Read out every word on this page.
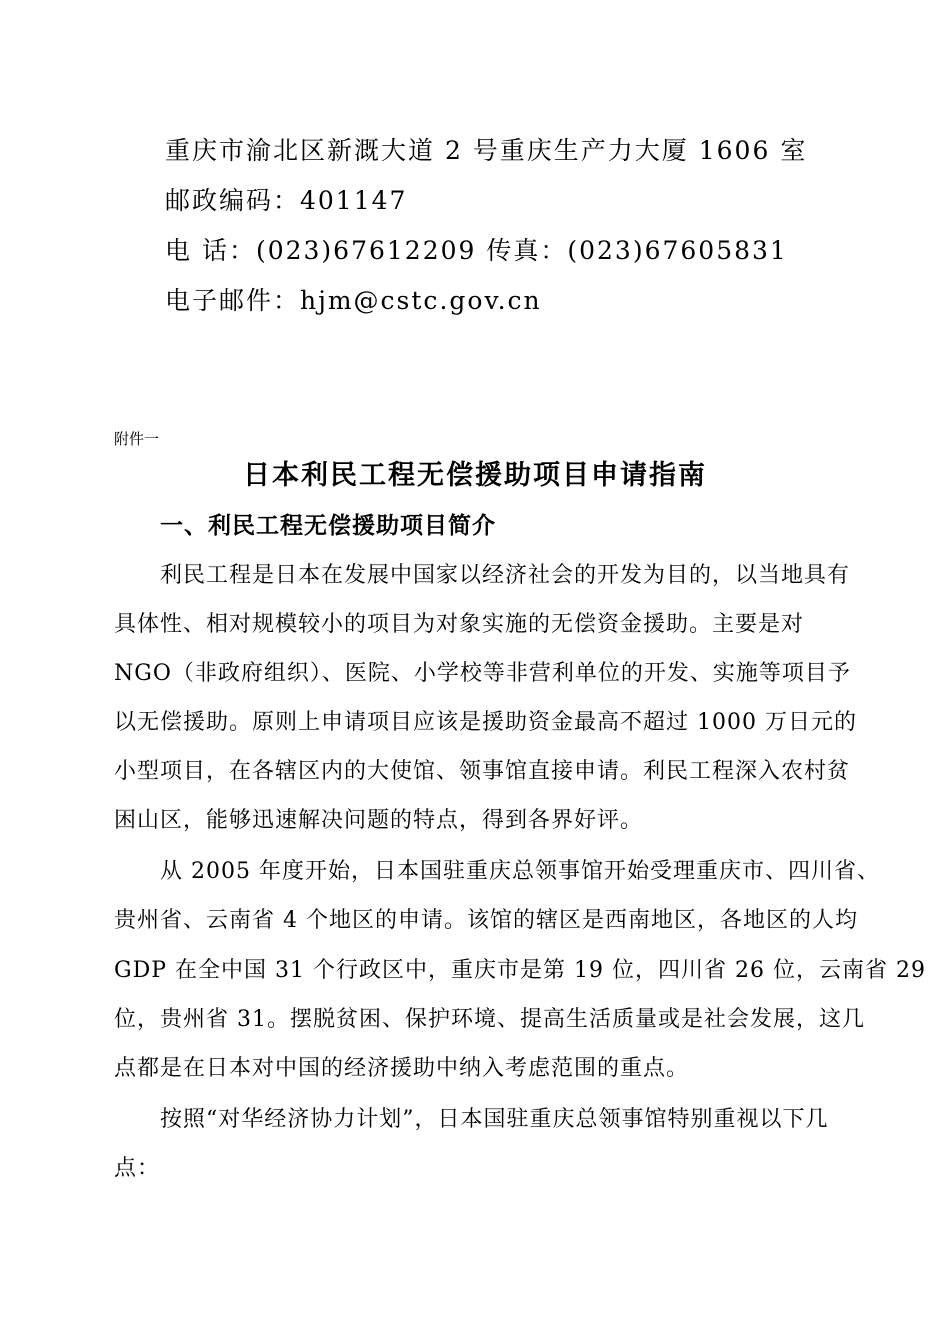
重庆市渝北区新溉大道 2 号重庆生产力大厦 1606 室
邮政编码：401147
电 话：(023)67612209 传真：(023)67605831
电子邮件：hjm@cstc.gov.cn
附件一
日本利民工程无偿援助项目申请指南
一、利民工程无偿援助项目简介
利民工程是日本在发展中国家以经济社会的开发为目的，以当地具有
具体性、相对规模较小的项目为对象实施的无偿资金援助。主要是对
NGO（非政府组织）、医院、小学校等非营利单位的开发、实施等项目予
以无偿援助。原则上申请项目应该是援助资金最高不超过 1000 万日元的
小型项目，在各辖区内的大使馆、领事馆直接申请。利民工程深入农村贫
困山区，能够迅速解决问题的特点，得到各界好评。
从 2005 年度开始，日本国驻重庆总领事馆开始受理重庆市、四川省、
贵州省、云南省 4 个地区的申请。该馆的辖区是西南地区，各地区的人均
GDP 在全中国 31 个行政区中，重庆市是第 19 位，四川省 26 位，云南省 29
位，贵州省 31。摆脱贫困、保护环境、提高生活质量或是社会发展，这几
点都是在日本对中国的经济援助中纳入考虑范围的重点。
按照“对华经济协力计划”，日本国驻重庆总领事馆特别重视以下几
点：
